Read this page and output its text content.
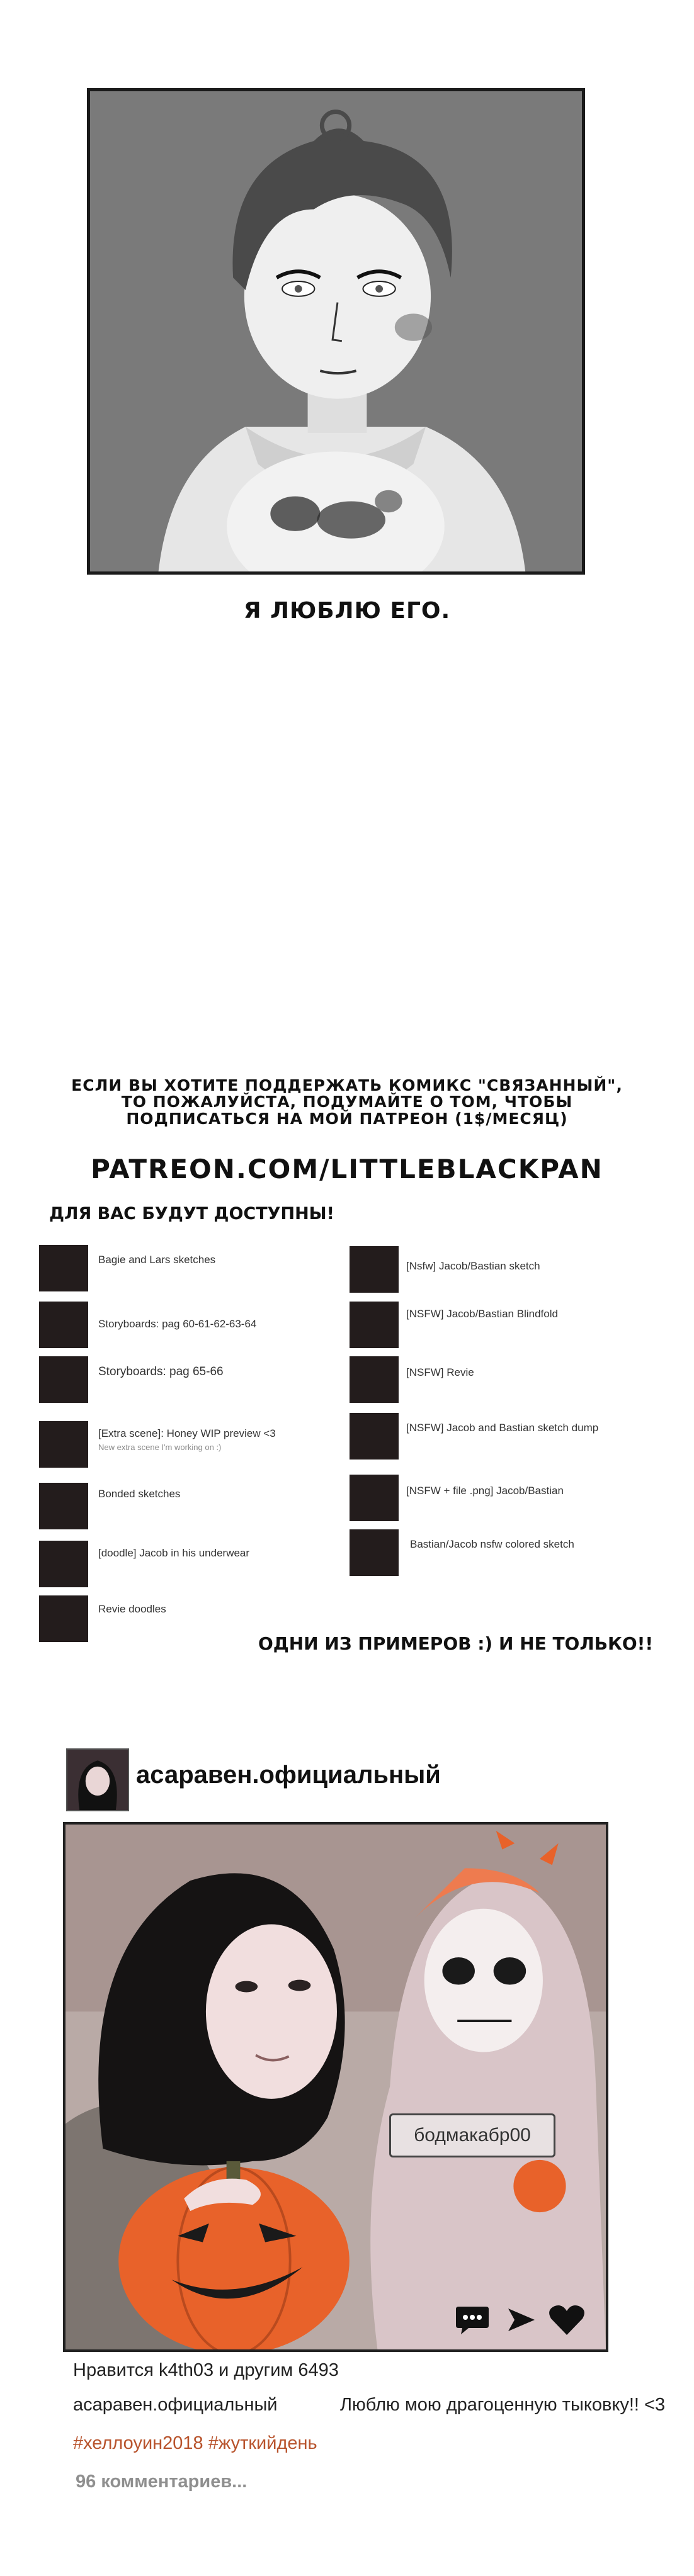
Я ЛЮБЛЮ ЕГО.
ЕСЛИ ВЫ ХОТИТЕ ПОДДЕРЖАТЬ КОМИКС "СВЯЗАННЫЙ",
ТО ПОЖАЛУЙСТА, ПОДУМАЙТЕ О ТОМ, ЧТОБЫ
ПОДПИСАТЬСЯ НА МОЙ ПАТРЕОН (1$/МЕСЯЦ)
PATREON.COM/LITTLEBLACKPAN
ДЛЯ ВАС БУДУТ ДОСТУПНЫ!
Bagie and Lars sketches
Storyboards: pag 60-61-62-63-64
Storyboards: pag 65-66
[Extra scene]: Honey WIP preview <3
New extra scene I'm working on :)
Bonded sketches
[doodle] Jacob in his underwear
Revie doodles
[Nsfw] Jacob/Bastian sketch
[NSFW] Jacob/Bastian Blindfold
[NSFW] Revie
[NSFW] Jacob and Bastian sketch dump
[NSFW + file .png] Jacob/Bastian
Bastian/Jacob nsfw colored sketch
ОДНИ ИЗ ПРИМЕРОВ :) И НЕ ТОЛЬКО!!
асаравен.официальный
бодмакабр00
Нравится k4th03 и другим 6493
асаравен.официальный	Люблю мою драгоценную тыковку!! <3
#хеллоуин2018 #жуткийдень
96 комментариев...
